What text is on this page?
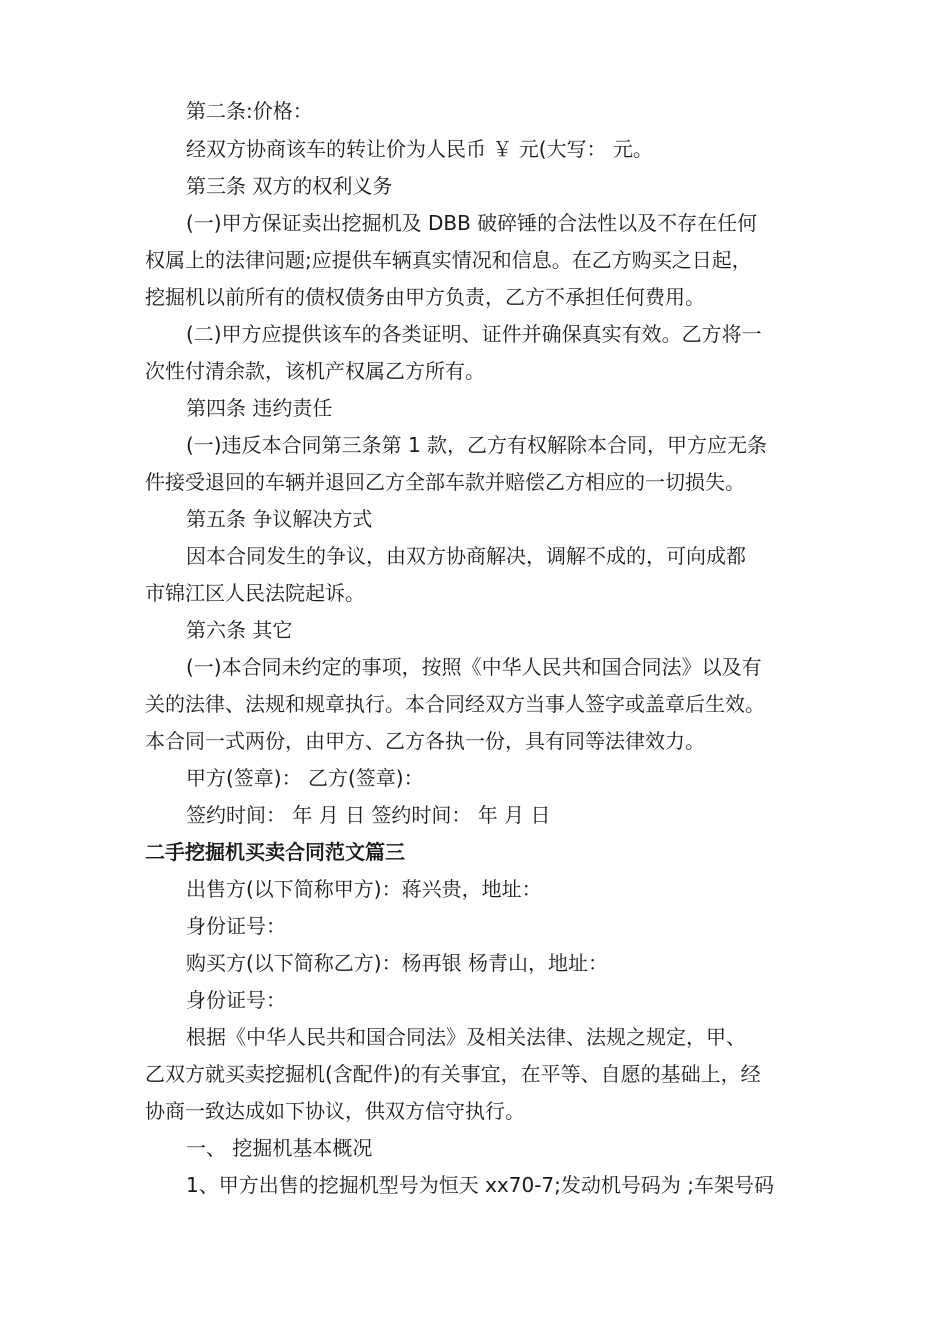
第二条:价格：
经双方协商该车的转让价为人民币 ￥ 元(大写： 元。
第三条 双方的权利义务
(一)甲方保证卖出挖掘机及 DBB 破碎锤的合法性以及不存在任何
权属上的法律问题;应提供车辆真实情况和信息。在乙方购买之日起，
挖掘机以前所有的债权债务由甲方负责，乙方不承担任何费用。
(二)甲方应提供该车的各类证明、证件并确保真实有效。乙方将一
次性付清余款，该机产权属乙方所有。
第四条 违约责任
(一)违反本合同第三条第 1 款，乙方有权解除本合同，甲方应无条
件接受退回的车辆并退回乙方全部车款并赔偿乙方相应的一切损失。
第五条 争议解决方式
因本合同发生的争议，由双方协商解决，调解不成的，可向成都
市锦江区人民法院起诉。
第六条 其它
(一)本合同未约定的事项，按照《中华人民共和国合同法》以及有
关的法律、法规和规章执行。本合同经双方当事人签字或盖章后生效。
本合同一式两份，由甲方、乙方各执一份，具有同等法律效力。
甲方(签章)： 乙方(签章)：
签约时间： 年 月 日 签约时间： 年 月 日
二手挖掘机买卖合同范文篇三
出售方(以下简称甲方)：蒋兴贵，地址：
身份证号：
购买方(以下简称乙方)：杨再银 杨青山，地址：
身份证号：
根据《中华人民共和国合同法》及相关法律、法规之规定，甲、
乙双方就买卖挖掘机(含配件)的有关事宜，在平等、自愿的基础上，经
协商一致达成如下协议，供双方信守执行。
一、 挖掘机基本概况
1、甲方出售的挖掘机型号为恒天 xx70-7;发动机号码为 ;车架号码
